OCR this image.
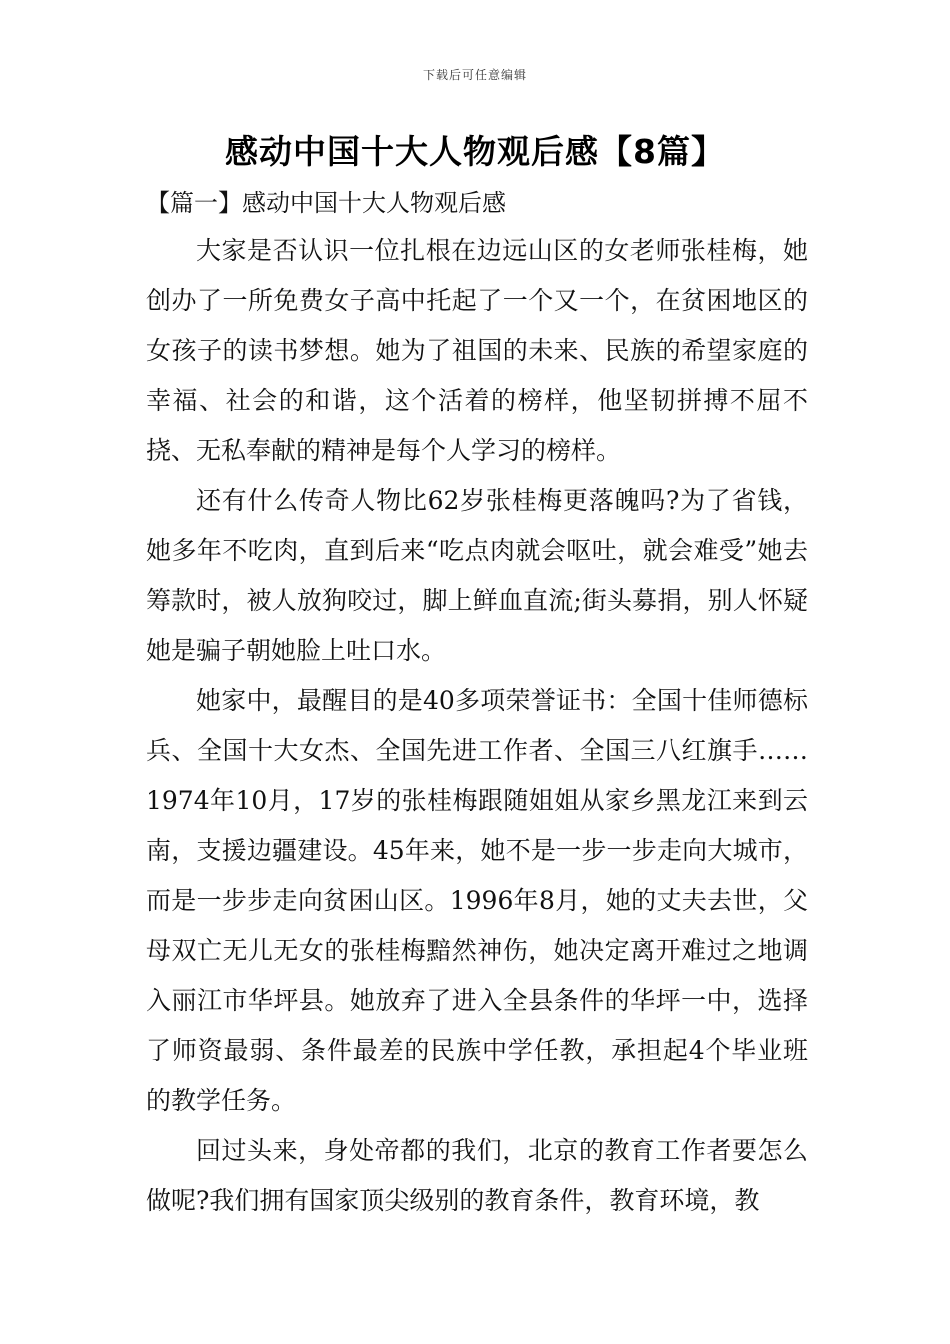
下载后可任意编辑
感动中国十大人物观后感【8篇】
【篇一】感动中国十大人物观后感

大家是否认识一位扎根在边远山区的女老师张桂梅，她创办了一所免费女子高中托起了一个又一个，在贫困地区的女孩子的读书梦想。她为了祖国的未来、民族的希望家庭的幸福、社会的和谐，这个活着的榜样，他坚韧拼搏不屈不挠、无私奉献的精神是每个人学习的榜样。

还有什么传奇人物比62岁张桂梅更落魄吗?为了省钱，她多年不吃肉，直到后来“吃点肉就会呕吐，就会难受”她去筹款时，被人放狗咬过，脚上鲜血直流;街头募捐，别人怀疑她是骗子朝她脸上吐口水。

她家中，最醒目的是40多项荣誉证书：全国十佳师德标兵、全国十大女杰、全国先进工作者、全国三八红旗手……1974年10月，17岁的张桂梅跟随姐姐从家乡黑龙江来到云南，支援边疆建设。45年来，她不是一步一步走向大城市，而是一步步走向贫困山区。1996年8月，她的丈夫去世，父母双亡无儿无女的张桂梅黯然神伤，她决定离开难过之地调入丽江市华坪县。她放弃了进入全县条件的华坪一中，选择了师资最弱、条件最差的民族中学任教，承担起4个毕业班的教学任务。

回过头来，身处帝都的我们，北京的教育工作者要怎么做呢?我们拥有国家顶尖级别的教育条件，教育环境，教
